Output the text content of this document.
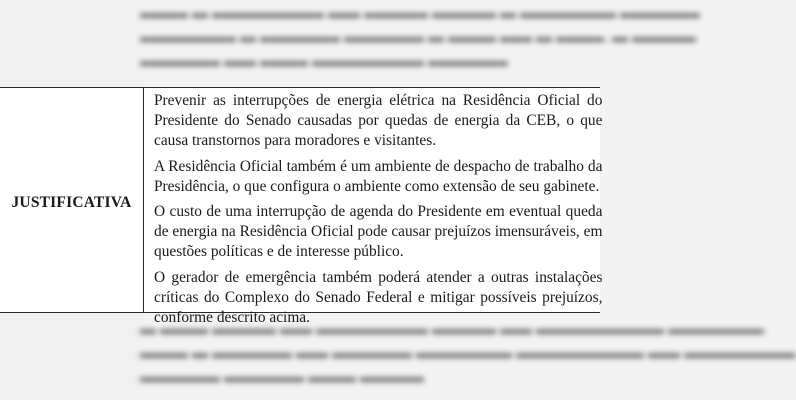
▬▬▬ ▬ ▬▬▬▬▬▬▬ ▬▬ ▬▬▬▬ ▬▬▬▬ ▬ ▬▬▬▬▬▬ ▬▬▬▬▬
▬▬▬▬▬▬ ▬ ▬▬▬▬▬ ▬▬▬▬▬ ▬ ▬▬▬ ▬▬ ▬ ▬▬▬. ▬ ▬▬▬▬
▬▬▬▬▬ ▬▬ ▬▬▬ ▬▬▬▬▬▬▬ ▬▬▬▬▬
▬ ▬▬▬ ▬▬▬▬ ▬▬ ▬▬▬▬▬▬▬ ▬▬▬▬ ▬▬ ▬▬▬▬▬▬▬▬ ▬▬▬▬▬▬
▬▬▬ ▬ ▬▬▬▬▬ ▬▬ ▬▬▬▬▬ ▬▬▬▬▬▬ ▬▬▬▬▬▬▬▬ ▬▬ ▬▬▬▬▬▬▬
▬▬▬▬▬ ▬▬▬▬▬ ▬▬▬ ▬▬▬▬
JUSTIFICATIVA

Prevenir as interrupções de energia elétrica na Residência Oficial do
Presidente do Senado causadas por quedas de energia da CEB, o que
causa transtornos para moradores e visitantes.

A Residência Oficial também é um ambiente de despacho de trabalho da
Presidência, o que configura o ambiente como extensão de seu gabinete.

O custo de uma interrupção de agenda do Presidente em eventual queda
de energia na Residência Oficial pode causar prejuízos imensuráveis, em
questões políticas e de interesse público.

O gerador de emergência também poderá atender a outras instalações
críticas do Complexo do Senado Federal e mitigar possíveis prejuízos,
conforme descrito acima.
